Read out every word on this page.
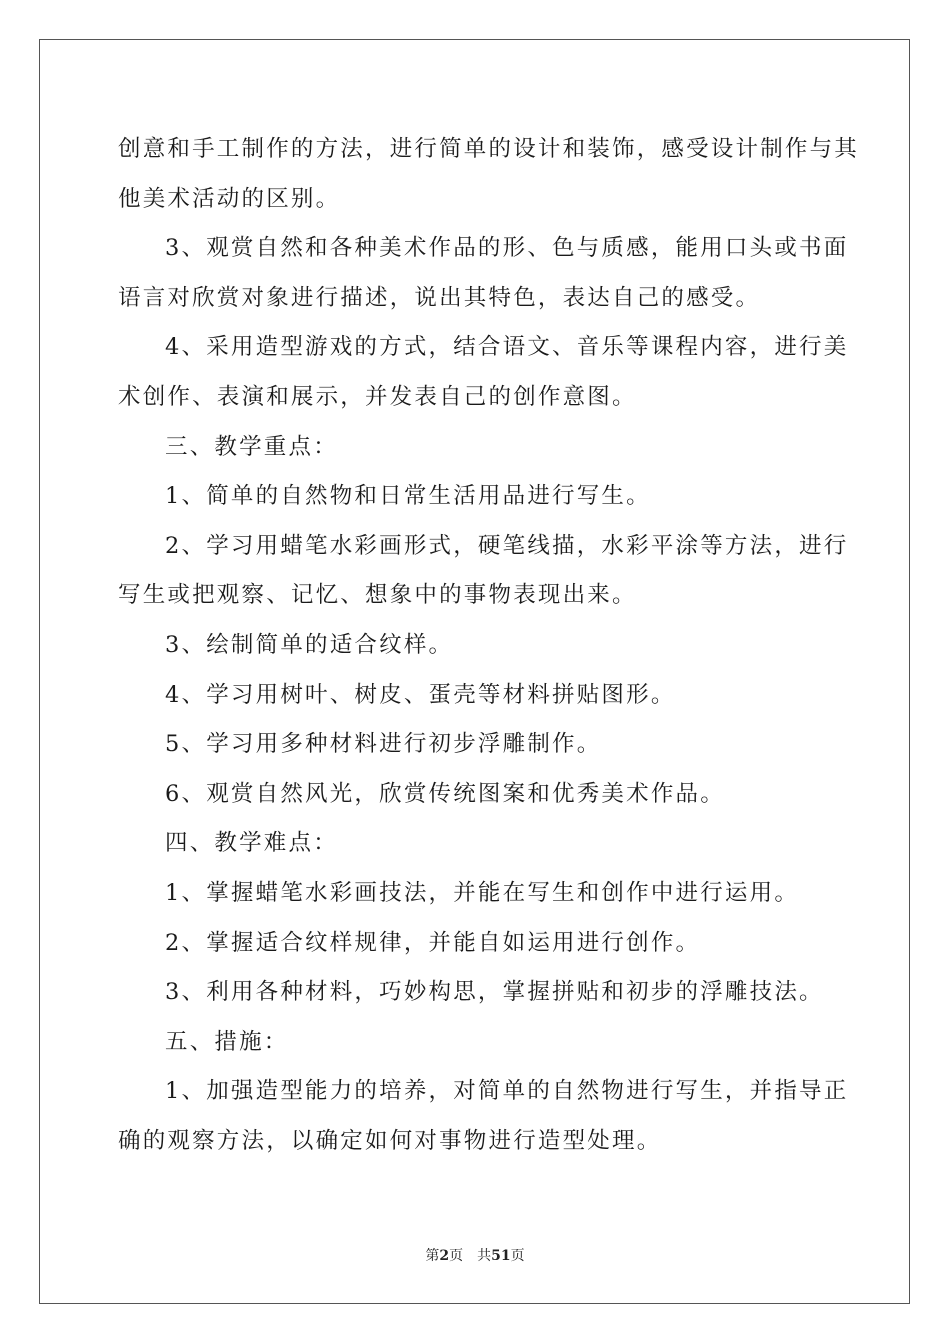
创意和手工制作的方法，进行简单的设计和装饰，感受设计制作与其

他美术活动的区别。

3、观赏自然和各种美术作品的形、色与质感，能用口头或书面

语言对欣赏对象进行描述，说出其特色，表达自己的感受。

4、采用造型游戏的方式，结合语文、音乐等课程内容，进行美

术创作、表演和展示，并发表自己的创作意图。

三、教学重点：

1、简单的自然物和日常生活用品进行写生。

2、学习用蜡笔水彩画形式，硬笔线描，水彩平涂等方法，进行

写生或把观察、记忆、想象中的事物表现出来。

3、绘制简单的适合纹样。

4、学习用树叶、树皮、蛋壳等材料拼贴图形。

5、学习用多种材料进行初步浮雕制作。

6、观赏自然风光，欣赏传统图案和优秀美术作品。

四、教学难点：

1、掌握蜡笔水彩画技法，并能在写生和创作中进行运用。

2、掌握适合纹样规律，并能自如运用进行创作。

3、利用各种材料，巧妙构思，掌握拼贴和初步的浮雕技法。

五、措施：

1、加强造型能力的培养，对简单的自然物进行写生，并指导正

确的观察方法，以确定如何对事物进行造型处理。

第2页 共51页
